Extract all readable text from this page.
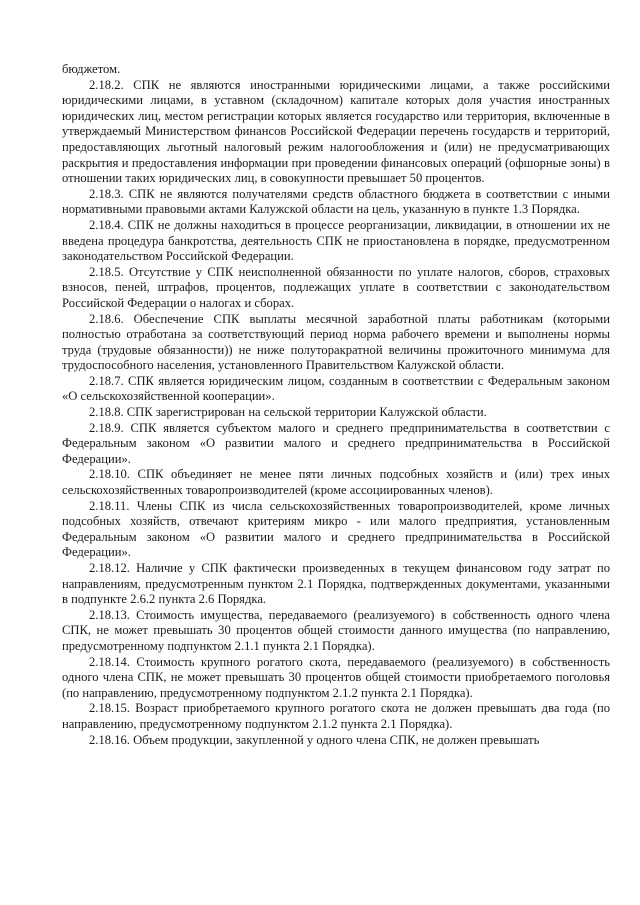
бюджетом.

2.18.2. СПК не являются иностранными юридическими лицами, а также российскими юридическими лицами, в уставном (складочном) капитале которых доля участия иностранных юридических лиц, местом регистрации которых является государство или территория, включенные в утверждаемый Министерством финансов Российской Федерации перечень государств и территорий, предоставляющих льготный налоговый режим налогообложения и (или) не предусматривающих раскрытия и предоставления информации при проведении финансовых операций (офшорные зоны) в отношении таких юридических лиц, в совокупности превышает 50 процентов.

2.18.3. СПК не являются получателями средств областного бюджета в соответствии с иными нормативными правовыми актами Калужской области на цель, указанную в пункте 1.3 Порядка.

2.18.4. СПК не должны находиться в процессе реорганизации, ликвидации, в отношении их не введена процедура банкротства, деятельность СПК не приостановлена в порядке, предусмотренном законодательством Российской Федерации.

2.18.5. Отсутствие у СПК неисполненной обязанности по уплате налогов, сборов, страховых взносов, пеней, штрафов, процентов, подлежащих уплате в соответствии с законодательством Российской Федерации о налогах и сборах.

2.18.6. Обеспечение СПК выплаты месячной заработной платы работникам (которыми полностью отработана за соответствующий период норма рабочего времени и выполнены нормы труда (трудовые обязанности)) не ниже полуторакратной величины прожиточного минимума для трудоспособного населения, установленного Правительством Калужской области.

2.18.7. СПК является юридическим лицом, созданным в соответствии с Федеральным законом «О сельскохозяйственной кооперации».

2.18.8. СПК зарегистрирован на сельской территории Калужской области.

2.18.9. СПК является субъектом малого и среднего предпринимательства в соответствии с Федеральным законом «О развитии малого и среднего предпринимательства в Российской Федерации».

2.18.10. СПК объединяет не менее пяти личных подсобных хозяйств и (или) трех иных сельскохозяйственных товаропроизводителей (кроме ассоциированных членов).

2.18.11. Члены СПК из числа сельскохозяйственных товаропроизводителей, кроме личных подсобных хозяйств, отвечают критериям микро - или малого предприятия, установленным Федеральным законом «О развитии малого и среднего предпринимательства в Российской Федерации».

2.18.12. Наличие у СПК фактически произведенных в текущем финансовом году затрат по направлениям, предусмотренным пунктом 2.1 Порядка, подтвержденных документами, указанными в подпункте 2.6.2 пункта 2.6 Порядка.

2.18.13. Стоимость имущества, передаваемого (реализуемого) в собственность одного члена СПК, не может превышать 30 процентов общей стоимости данного имущества (по направлению, предусмотренному подпунктом 2.1.1 пункта 2.1 Порядка).

2.18.14. Стоимость крупного рогатого скота, передаваемого (реализуемого) в собственность одного члена СПК, не может превышать 30 процентов общей стоимости приобретаемого поголовья (по направлению, предусмотренному подпунктом 2.1.2 пункта 2.1 Порядка).

2.18.15. Возраст приобретаемого крупного рогатого скота не должен превышать два года (по направлению, предусмотренному подпунктом 2.1.2 пункта 2.1 Порядка).

2.18.16. Объем продукции, закупленной у одного члена СПК, не должен превышать
